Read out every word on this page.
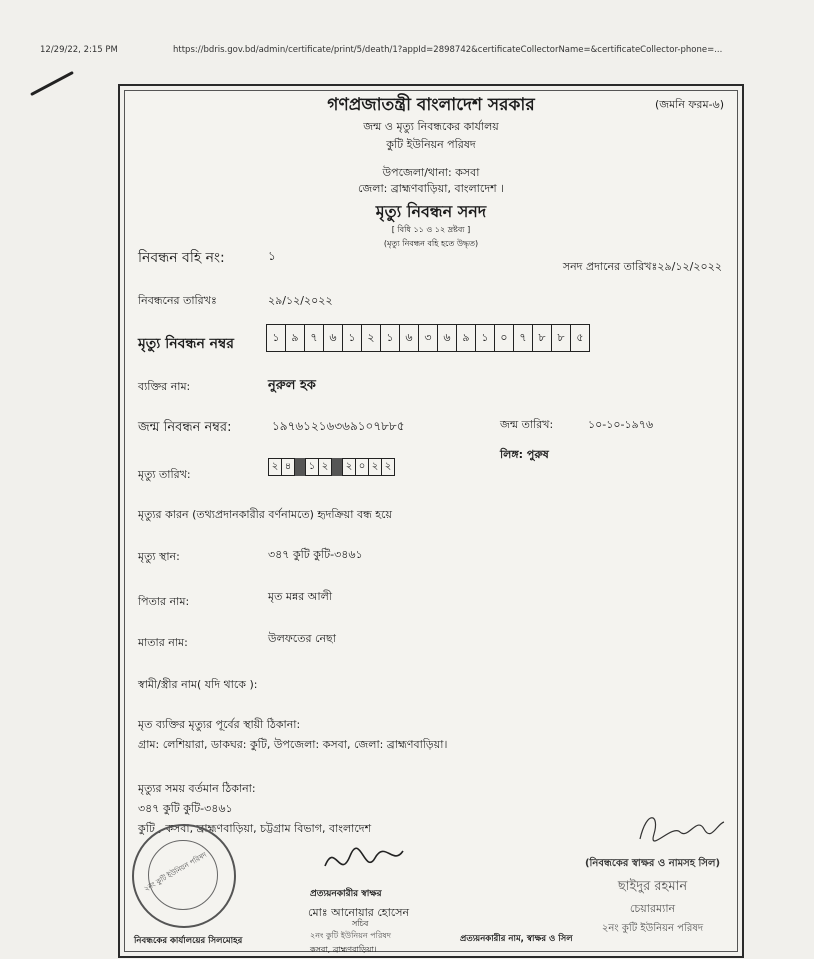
12/29/22, 2:15 PM	https://bdris.gov.bd/admin/certificate/print/5/death/1?appId=2898742&certificateCollectorName=&certificateCollector-phone=...
গণপ্রজাতন্ত্রী বাংলাদেশ সরকার	(জমনি ফরম-৬)
জন্ম ও মৃত্যু নিবন্ধকের কার্যালয়
কুটি ইউনিয়ন পরিষদ
উপজেলা/থানা: কসবা
জেলা: ব্রাহ্মণবাড়িয়া, বাংলাদেশ ।
মৃত্যু নিবন্ধন সনদ
[ বিধি ১১ ও ১২ দ্রষ্টব্য ]
(মৃত্যু নিবন্ধন বহি হতে উদ্ধৃত)
নিবন্ধন বহি নং:	১
সনদ প্রদানের তারিখঃ২৯/১২/২০২২
নিবন্ধনের তারিখঃ	২৯/১২/২০২২
মৃত্যু নিবন্ধন নম্বর	১	৯	৭	৬	১	২	১	৬	৩	৬	৯	১	০	৭	৮	৮	৫
ব্যক্তির নাম:	নুরুল হক
জন্ম নিবন্ধন নম্বর:	১৯৭৬১২১৬৩৬৯১০৭৮৮৫	জন্ম তারিখ:	১০-১০-১৯৭৬
লিঙ্গ: পুরুষ
মৃত্যু তারিখ:
২ ৪ ১ ২ ২ ০ ২ ২
মৃত্যুর কারন (তথ্যপ্রদানকারীর বর্ণনামতে) হৃদক্রিয়া বন্ধ হয়ে
মৃত্যু স্থান:	৩৪৭ কুটি কুটি-৩৪৬১
পিতার নাম:	মৃত মন্নর আলী
মাতার নাম:	উলফতের নেছা
স্বামী/স্ত্রীর নাম( যদি থাকে ):
মৃত ব্যক্তির মৃত্যুর পূর্বের স্থায়ী ঠিকানা:
গ্রাম: লেশিয়ারা, ডাকঘর: কুটি, উপজেলা: কসবা, জেলা: ব্রাহ্মণবাড়িয়া।
মৃত্যুর সময় বর্তমান ঠিকানা:
৩৪৭ কুটি কুটি-৩৪৬১
কুটি , কসবা, ব্রাহ্মণবাড়িয়া, চট্টগ্রাম বিভাগ, বাংলাদেশ
২নং কুটি ইউনিয়ন পরিষদ
প্রত্যয়নকারীর স্বাক্ষর
মোঃ আনোয়ার হোসেন
সচিব
২নং কুটি ইউনিয়ন পরিষদ
নিবন্ধকের কার্যালয়ের সিলমোহর	প্রত্যয়নকারীর নাম, স্বাক্ষর ও সিল
কসবা, ব্রাহ্মণবাড়িয়া।
(নিবন্ধকের স্বাক্ষর ও নামসহ সিল)
ছাইদুর রহমান
চেয়ারম্যান
২নং কুটি ইউনিয়ন পরিষদ
